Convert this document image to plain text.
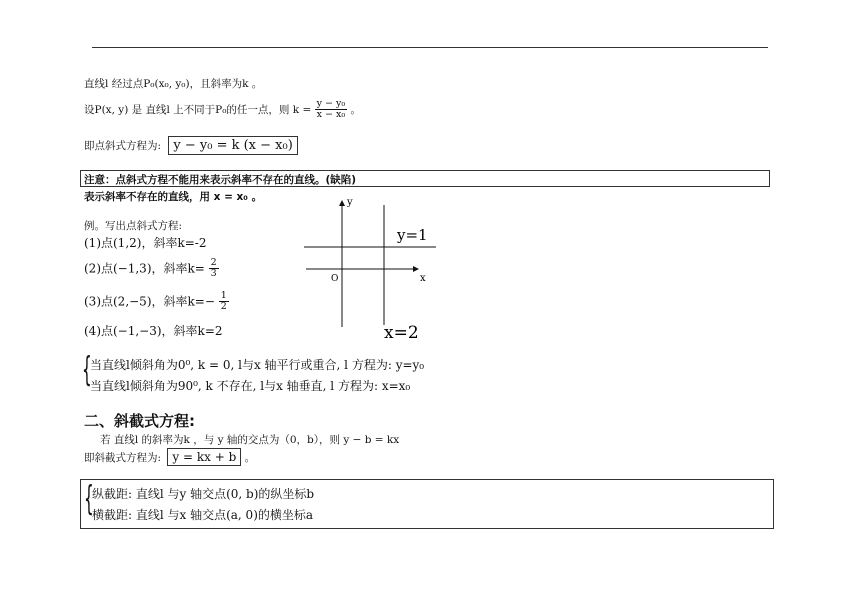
直线l 经过点P₀(x₀, y₀)，且斜率为k 。
设P(x, y) 是 直线l 上不同于P₀的任一点，则 $k = \frac{\text{y − y₀}}{\text{x − x₀}}$ 。
即点斜式方程为: y − y₀ = k (x − x₀)
注意：点斜式方程不能用来表示斜率不存在的直线。(缺陷)
表示斜率不存在的直线，用 x = x₀ 。
例。写出点斜式方程:
(1)点(1,2)，斜率k=-2
(2)点(−1,3)，斜率$k= \frac{2}{3}$
(3)点(2,−5)，斜率$k=- \frac{1}{2}$
(4)点(−1,−3)，斜率k=2
y
x
O
y=1
x=2
{
当直线l倾斜角为0⁰, k = 0, l与x 轴平行或重合, l 方程为: y=y₀
当直线l倾斜角为90⁰, k 不存在, l与x 轴垂直, l 方程为: x=x₀
二、斜截式方程:
若 直线l 的斜率为k ，与 y 轴的交点为（0，b），则 y − b = kx
即斜截式方程为: y = kx + b 。
{
纵截距: 直线l 与y 轴交点(0, b)的纵坐标b
横截距: 直线l 与x 轴交点(a, 0)的横坐标a
